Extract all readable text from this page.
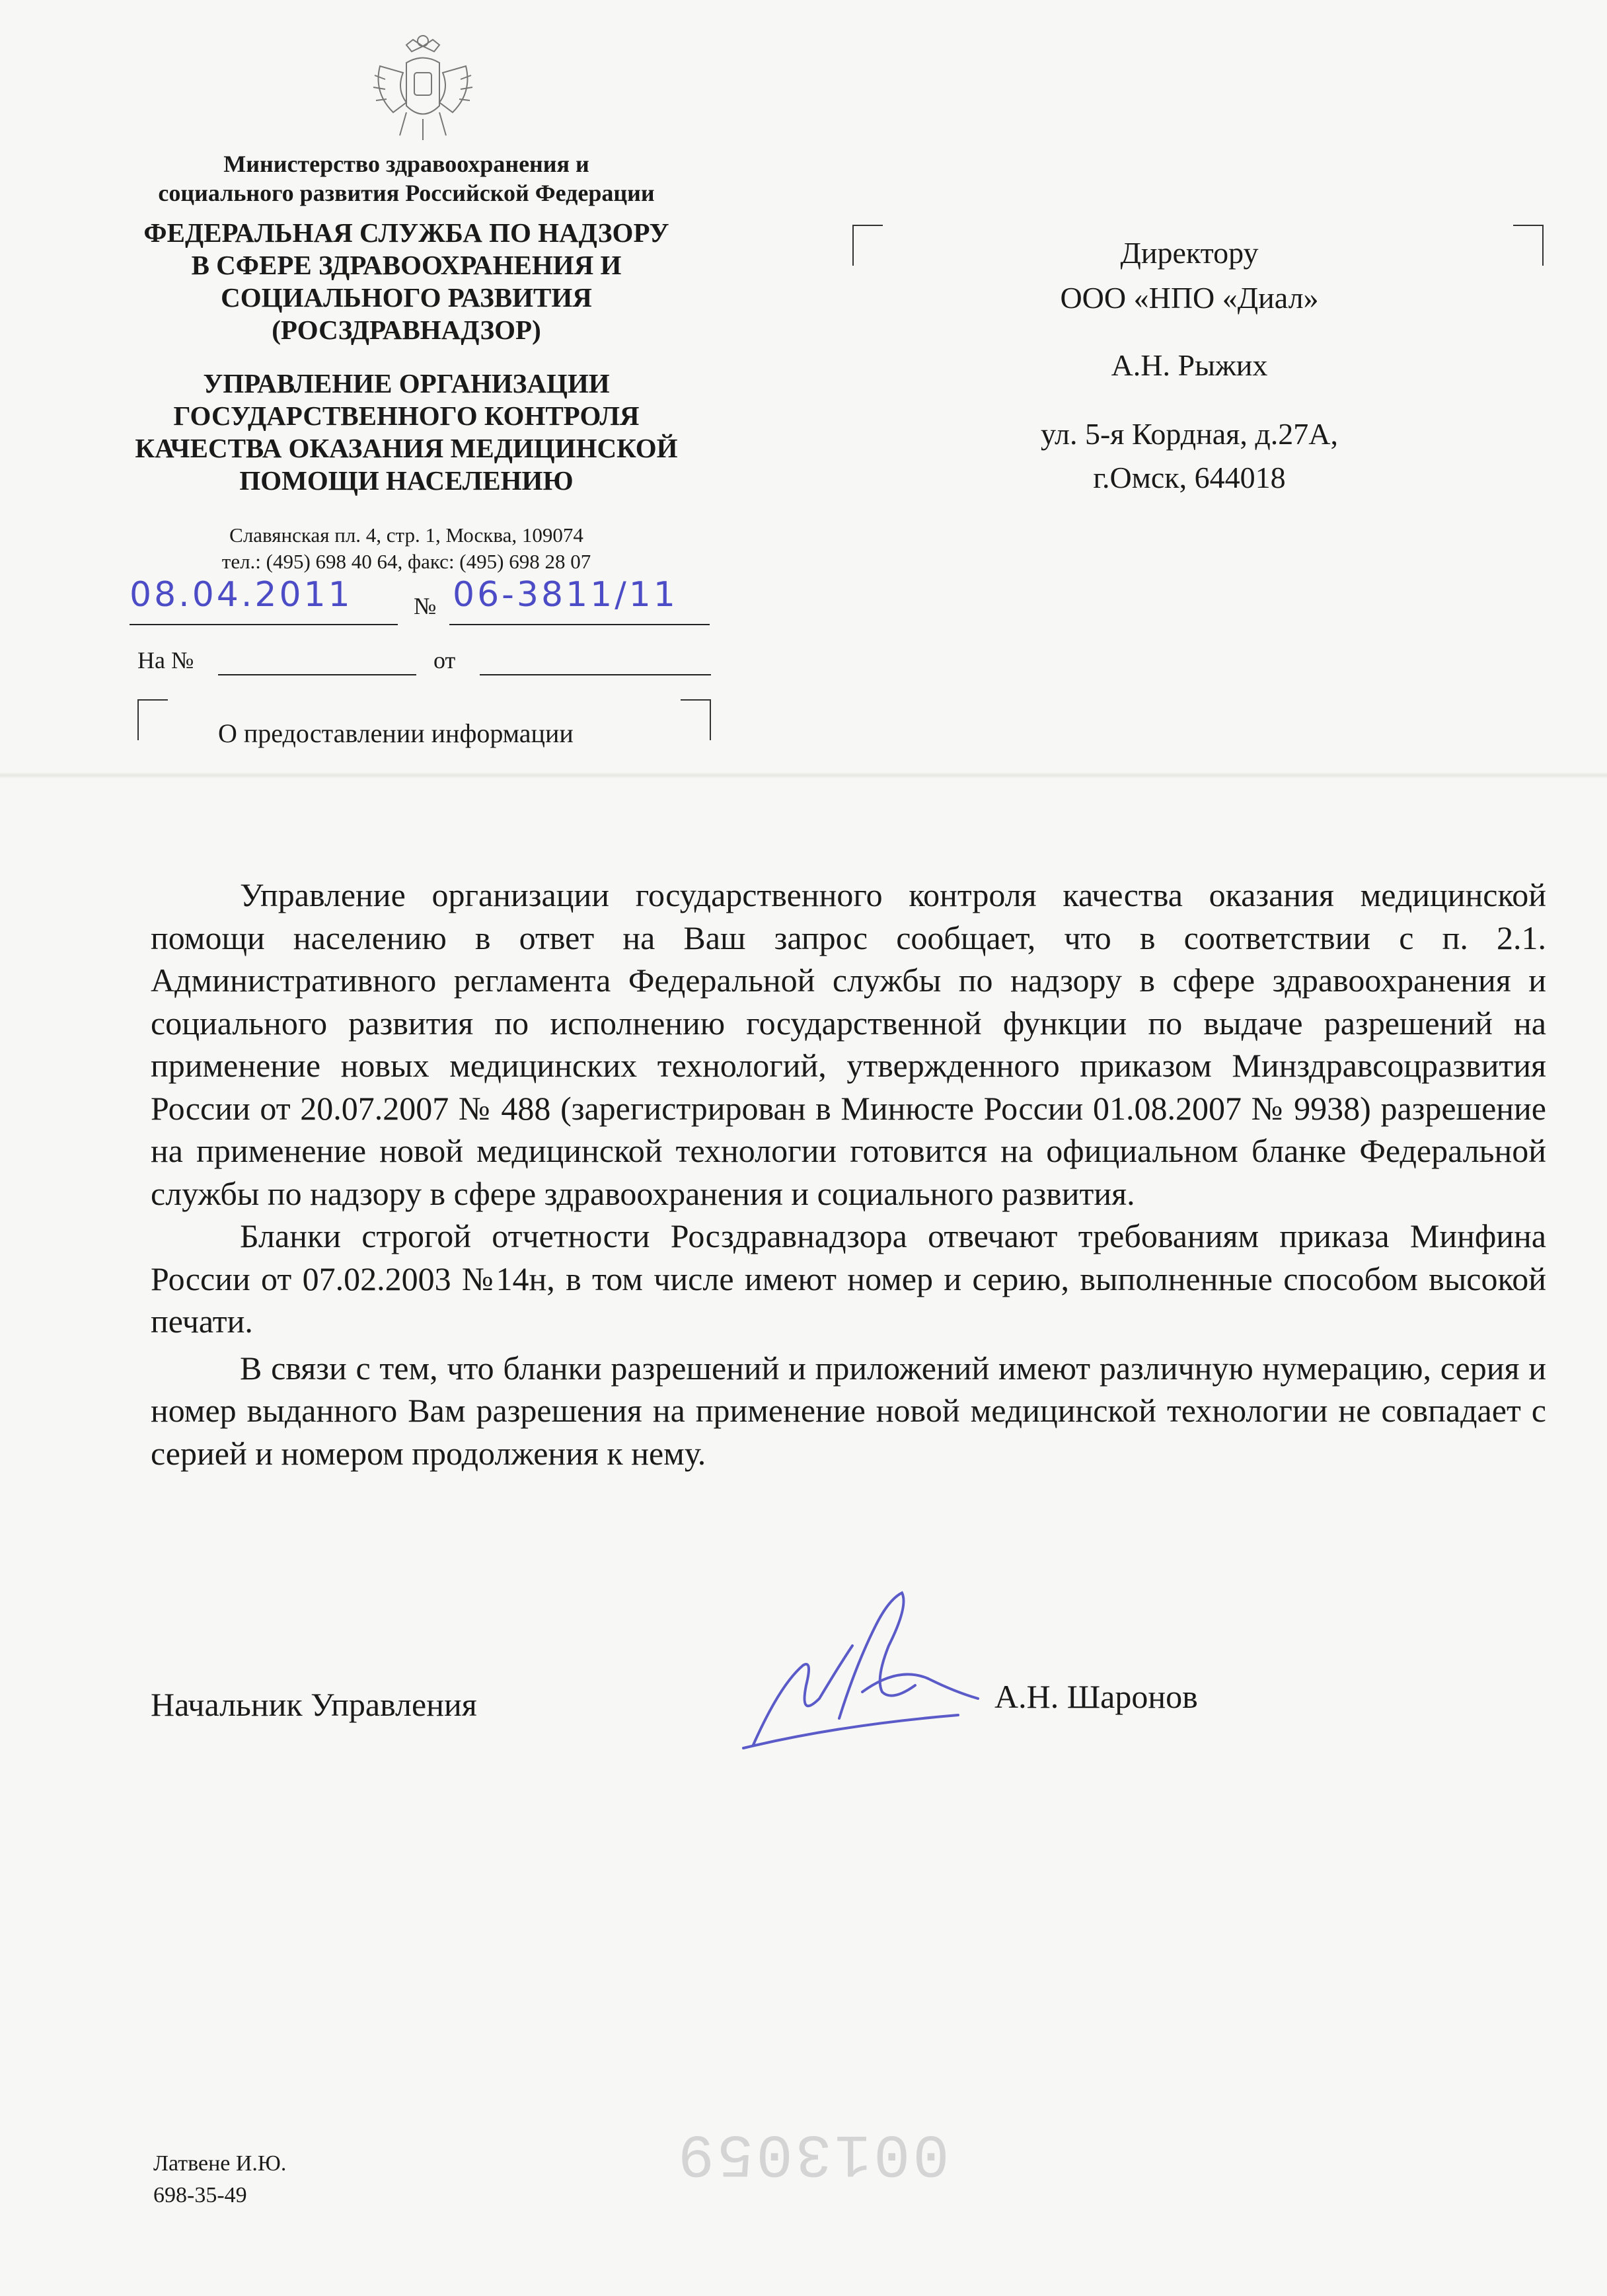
Министерство здравоохранения и
социального развития Российской Федерации
ФЕДЕРАЛЬНАЯ СЛУЖБА ПО НАДЗОРУ
В СФЕРЕ ЗДРАВООХРАНЕНИЯ И
СОЦИАЛЬНОГО РАЗВИТИЯ
(РОСЗДРАВНАДЗОР)
УПРАВЛЕНИЕ ОРГАНИЗАЦИИ
ГОСУДАРСТВЕННОГО КОНТРОЛЯ
КАЧЕСТВА ОКАЗАНИЯ МЕДИЦИНСКОЙ
ПОМОЩИ НАСЕЛЕНИЮ
Славянская пл. 4, стр. 1, Москва, 109074
тел.: (495) 698 40 64, факс: (495) 698 28 07
08.04.2011	№ 06-3811/11
На №	от
О предоставлении информации
Директору
ООО «НПО «Диал»
А.Н. Рыжих
ул. 5-я Кордная, д.27А,
г.Омск, 644018

Управление организации государственного контроля качества оказания медицинской помощи населению в ответ на Ваш запрос сообщает, что в соответствии с п. 2.1. Административного регламента Федеральной службы по надзору в сфере здравоохранения и социального развития по исполнению государственной функции по выдаче разрешений на применение новых медицинских технологий, утвержденного приказом Минздравсоцразвития России от 20.07.2007 № 488 (зарегистрирован в Минюсте России 01.08.2007 № 9938) разрешение на применение новой медицинской технологии готовится на официальном бланке Федеральной службы по надзору в сфере здравоохранения и социального развития.

Бланки строгой отчетности Росздравнадзора отвечают требованиям приказа Минфина России от 07.02.2003 №14н, в том числе имеют номер и серию, выполненные способом высокой печати.

В связи с тем, что бланки разрешений и приложений имеют различную нумерацию, серия и номер выданного Вам разрешения на применение новой медицинской технологии не совпадает с серией и номером продолжения к нему.

Начальник Управления	А.Н. Шаронов
0013059
Латвене И.Ю.
698-35-49
